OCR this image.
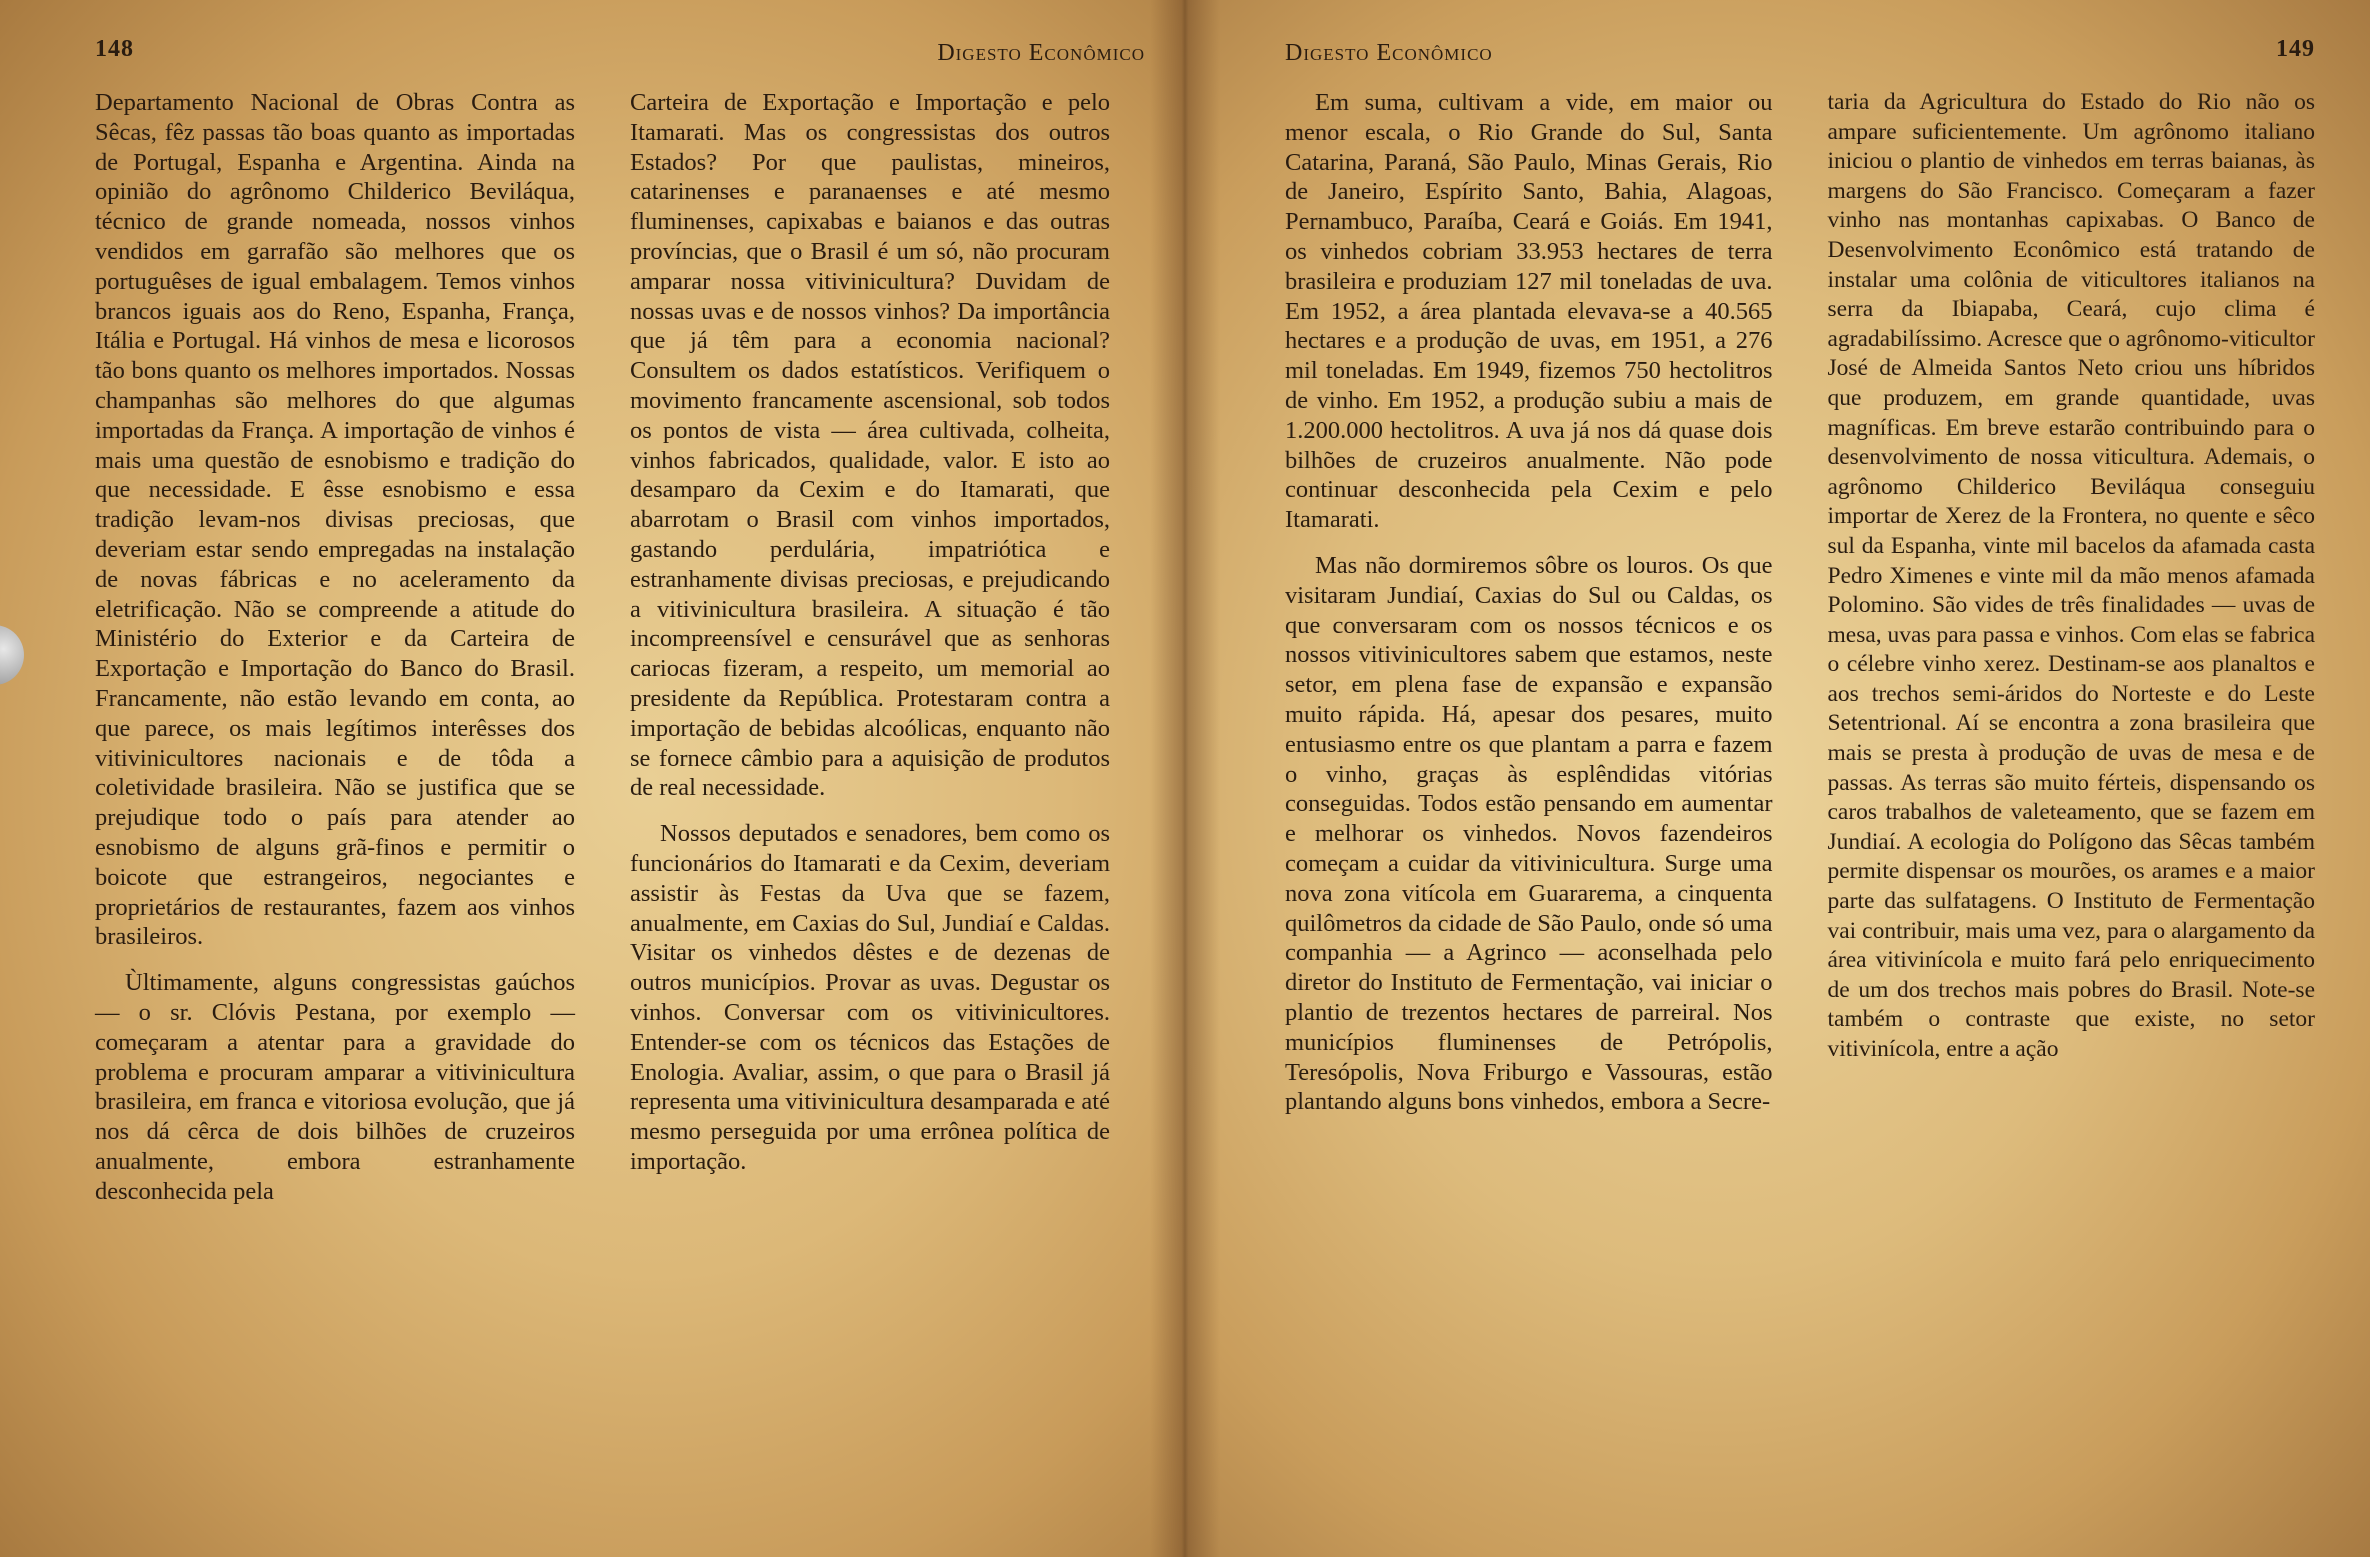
148	Digesto Econômico

Departamento Nacional de Obras Contra as Sêcas, fêz passas tão boas quanto as importadas de Portugal, Espanha e Argentina. Ainda na opinião do agrônomo Childerico Beviláqua, técnico de grande nomeada, nossos vinhos vendidos em garrafão são melhores que os portuguêses de igual embalagem. Temos vinhos brancos iguais aos do Reno, Espanha, França, Itália e Portugal. Há vinhos de mesa e licorosos tão bons quanto os melhores importados. Nossas champanhas são melhores do que algumas importadas da França. A importação de vinhos é mais uma questão de esnobismo e tradição do que necessidade. E êsse esnobismo e essa tradição levam-nos divisas preciosas, que deveriam estar sendo empregadas na instalação de novas fábricas e no aceleramento da eletrificação. Não se compreende a atitude do Ministério do Exterior e da Carteira de Exportação e Importação do Banco do Brasil. Francamente, não estão levando em conta, ao que parece, os mais legítimos interêsses dos vitivinicultores nacionais e de tôda a coletividade brasileira. Não se justifica que se prejudique todo o país para atender ao esnobismo de alguns grã-finos e permitir o boicote que estrangeiros, negociantes e proprietários de restaurantes, fazem aos vinhos brasileiros.

Ùltimamente, alguns congressistas gaúchos — o sr. Clóvis Pestana, por exemplo — começaram a atentar para a gravidade do problema e procuram amparar a vitivinicultura brasileira, em franca e vitoriosa evolução, que já nos dá cêrca de dois bilhões de cruzeiros anualmente, embora estranhamente desconhecida pela

Carteira de Exportação e Importação e pelo Itamarati. Mas os congressistas dos outros Estados? Por que paulistas, mineiros, catarinenses e paranaenses e até mesmo fluminenses, capixabas e baianos e das outras províncias, que o Brasil é um só, não procuram amparar nossa vitivinicultura? Duvidam de nossas uvas e de nossos vinhos? Da importância que já têm para a economia nacional? Consultem os dados estatísticos. Verifiquem o movimento francamente ascensional, sob todos os pontos de vista — área cultivada, colheita, vinhos fabricados, qualidade, valor. E isto ao desamparo da Cexim e do Itamarati, que abarrotam o Brasil com vinhos importados, gastando perdulária, impatriótica e estranhamente divisas preciosas, e prejudicando a vitivinicultura brasileira. A situação é tão incompreensível e censurável que as senhoras cariocas fizeram, a respeito, um memorial ao presidente da República. Protestaram contra a importação de bebidas alcoólicas, enquanto não se fornece câmbio para a aquisição de produtos de real necessidade.

Nossos deputados e senadores, bem como os funcionários do Itamarati e da Cexim, deveriam assistir às Festas da Uva que se fazem, anualmente, em Caxias do Sul, Jundiaí e Caldas. Visitar os vinhedos dêstes e de dezenas de outros municípios. Provar as uvas. Degustar os vinhos. Conversar com os vitivinicultores. Entender-se com os técnicos das Estações de Enologia. Avaliar, assim, o que para o Brasil já representa uma vitivinicultura desamparada e até mesmo perseguida por uma errônea política de importação.

Digesto Econômico	149

Em suma, cultivam a vide, em maior ou menor escala, o Rio Grande do Sul, Santa Catarina, Paraná, São Paulo, Minas Gerais, Rio de Janeiro, Espírito Santo, Bahia, Alagoas, Pernambuco, Paraíba, Ceará e Goiás. Em 1941, os vinhedos cobriam 33.953 hectares de terra brasileira e produziam 127 mil toneladas de uva. Em 1952, a área plantada elevava-se a 40.565 hectares e a produção de uvas, em 1951, a 276 mil toneladas. Em 1949, fizemos 750 hectolitros de vinho. Em 1952, a produção subiu a mais de 1.200.000 hectolitros. A uva já nos dá quase dois bilhões de cruzeiros anualmente. Não pode continuar desconhecida pela Cexim e pelo Itamarati.

Mas não dormiremos sôbre os louros. Os que visitaram Jundiaí, Caxias do Sul ou Caldas, os que conversaram com os nossos técnicos e os nossos vitivinicultores sabem que estamos, neste setor, em plena fase de expansão e expansão muito rápida. Há, apesar dos pesares, muito entusiasmo entre os que plantam a parra e fazem o vinho, graças às esplêndidas vitórias conseguidas. Todos estão pensando em aumentar e melhorar os vinhedos. Novos fazendeiros começam a cuidar da vitivinicultura. Surge uma nova zona vitícola em Guararema, a cinquenta quilômetros da cidade de São Paulo, onde só uma companhia — a Agrinco — aconselhada pelo diretor do Instituto de Fermentação, vai iniciar o plantio de trezentos hectares de parreiral. Nos municípios fluminenses de Petrópolis, Teresópolis, Nova Friburgo e Vassouras, estão plantando alguns bons vinhedos, embora a Secre-

taria da Agricultura do Estado do Rio não os ampare suficientemente. Um agrônomo italiano iniciou o plantio de vinhedos em terras baianas, às margens do São Francisco. Começaram a fazer vinho nas montanhas capixabas. O Banco de Desenvolvimento Econômico está tratando de instalar uma colônia de viticultores italianos na serra da Ibiapaba, Ceará, cujo clima é agradabilíssimo. Acresce que o agrônomo-viticultor José de Almeida Santos Neto criou uns híbridos que produzem, em grande quantidade, uvas magníficas. Em breve estarão contribuindo para o desenvolvimento de nossa viticultura. Ademais, o agrônomo Childerico Beviláqua conseguiu importar de Xerez de la Frontera, no quente e sêco sul da Espanha, vinte mil bacelos da afamada casta Pedro Ximenes e vinte mil da mão menos afamada Polomino. São vides de três finalidades — uvas de mesa, uvas para passa e vinhos. Com elas se fabrica o célebre vinho xerez. Destinam-se aos planaltos e aos trechos semi-áridos do Norteste e do Leste Setentrional. Aí se encontra a zona brasileira que mais se presta à produção de uvas de mesa e de passas. As terras são muito férteis, dispensando os caros trabalhos de valeteamento, que se fazem em Jundiaí. A ecologia do Polígono das Sêcas também permite dispensar os mourões, os arames e a maior parte das sulfatagens. O Instituto de Fermentação vai contribuir, mais uma vez, para o alargamento da área vitivinícola e muito fará pelo enriquecimento de um dos trechos mais pobres do Brasil. Note-se também o contraste que existe, no setor vitivinícola, entre a ação
